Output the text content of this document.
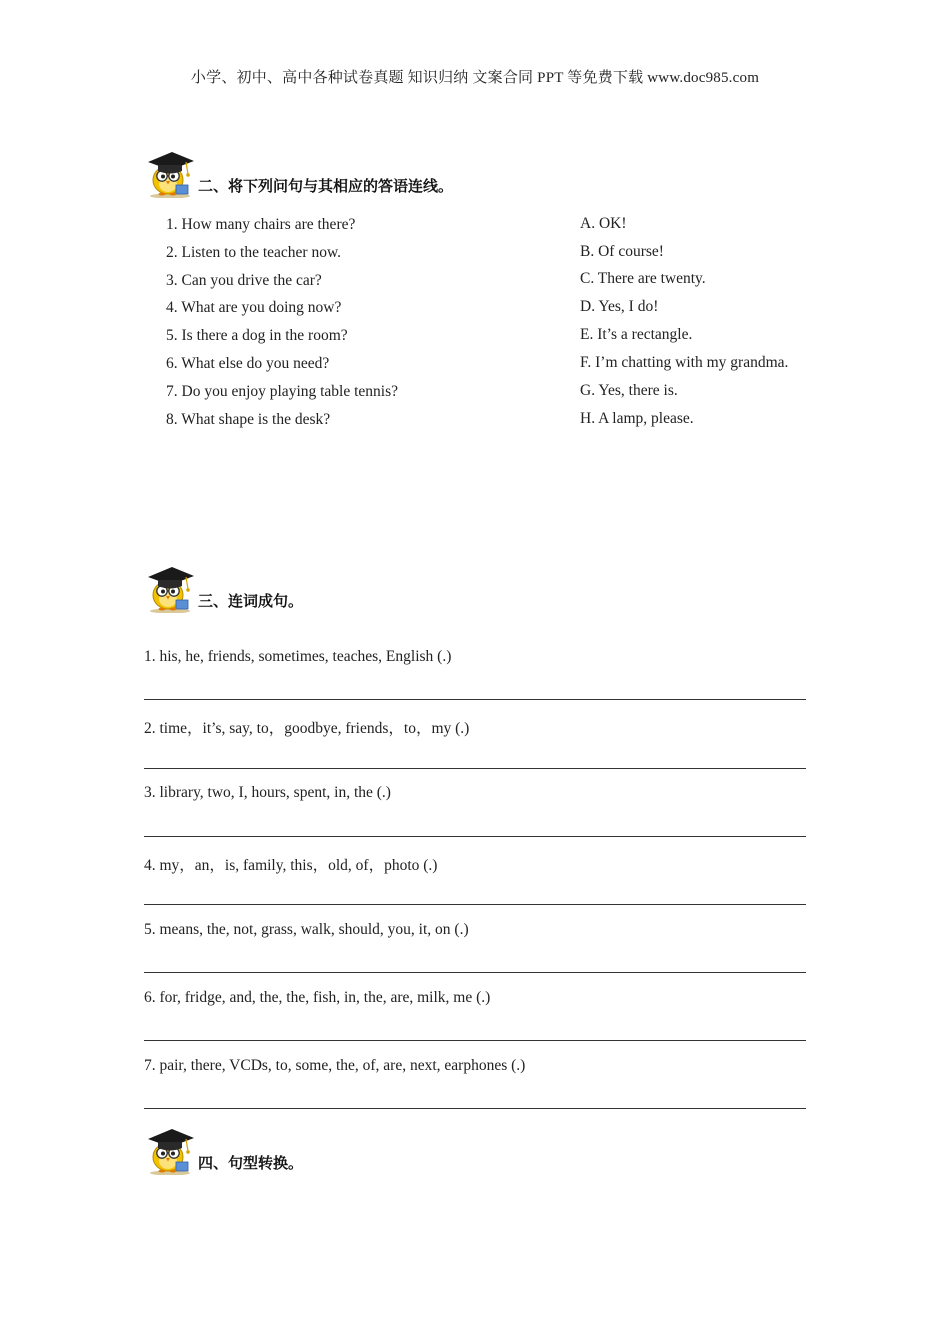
小学、初中、高中各种试卷真题 知识归纳 文案合同 PPT 等免费下载 www.doc985.com
二、将下列问句与其相应的答语连线。
1. How many chairs are there?
2. Listen to the teacher now.
3. Can you drive the car?
4. What are you doing now?
5. Is there a dog in the room?
6. What else do you need?
7. Do you enjoy playing table tennis?
8. What shape is the desk?
A. OK!
B. Of course!
C. There are twenty.
D. Yes, I do!
E. It’s a rectangle.
F. I’m chatting with my grandma.
G. Yes, there is.
H. A lamp, please.
三、连词成句。
1. his, he, friends, sometimes, teaches, English (.)
2. time，it’s, say, to，goodbye, friends，to，my (.)
3. library, two, I, hours, spent, in, the (.)
4. my，an，is, family, this，old, of，photo (.)
5. means, the, not, grass, walk, should, you, it, on (.)
6. for, fridge, and, the, the, fish, in, the, are, milk, me (.)
7. pair, there, VCDs, to, some, the, of, are, next, earphones (.)
四、句型转换。
